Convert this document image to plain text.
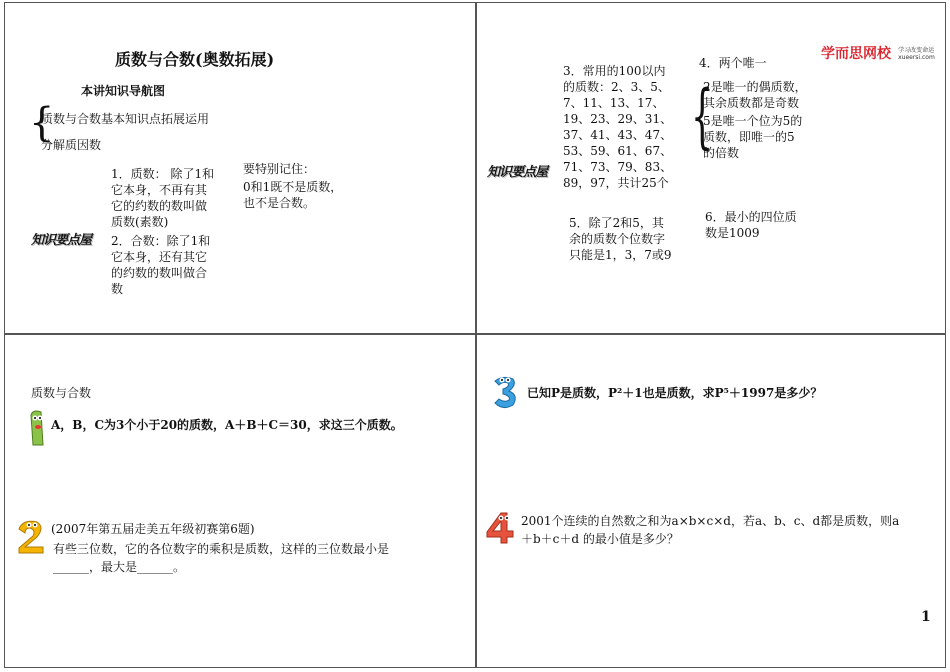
质数与合数(奥数拓展)
本讲知识导航图
{
质数与合数基本知识点拓展运用
分解质因数
知识要点屋
1．质数： 除了1和
它本身，不再有其
它的约数的数叫做
质数(素数)
2．合数：除了1和
它本身，还有其它
的约数的数叫做合
数
要特别记住：
0和1既不是质数，
也不是合数。
学而思网校 学习改变命运
xueersi.com
知识要点屋
3．常用的100以内
的质数：2、3、5、
7、11、13、17、
19、23、29、31、
37、41、43、47、
53、59、61、67、
71、73、79、83、
89，97，共计25个
4．两个唯一
{
2是唯一的偶质数，
其余质数都是奇数
5是唯一个位为5的
质数，即唯一的5
的倍数
5．除了2和5，其
余的质数个位数字
只能是1，3，7或9
6．最小的四位质
数是1009
质数与合数
A，B，C为3个小于20的质数，A＋B＋C＝30，求这三个质数。
(2007年第五届走美五年级初赛第6题)
有些三位数，它的各位数字的乘积是质数，这样的三位数最小是
______，最大是______。
已知P是质数，P²＋1也是质数，求P⁵＋1997是多少？
2001个连续的自然数之和为a×b×c×d，若a、b、c、d都是质数，则a
＋b＋c＋d 的最小值是多少？
1
